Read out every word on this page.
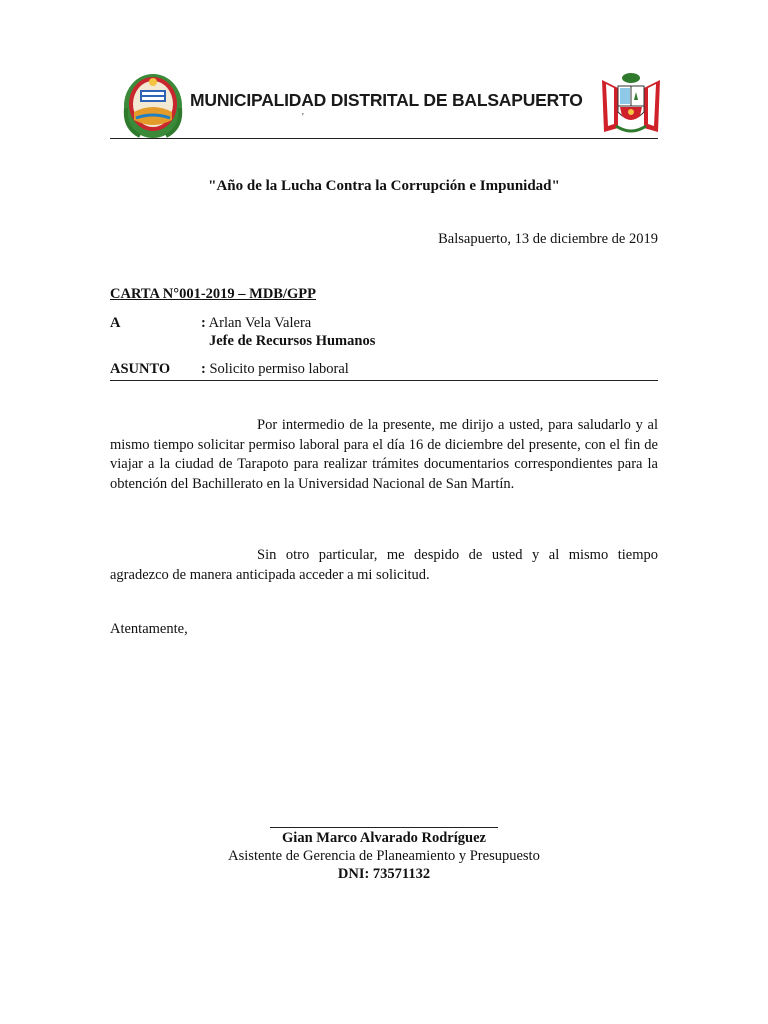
MUNICIPALIDAD DISTRITAL DE BALSAPUERTO
'
"Año de la Lucha Contra la Corrupción e Impunidad"
Balsapuerto, 13 de diciembre de 2019
CARTA N°001-2019 – MDB/GPP
A	: Arlan Vela Valera
Jefe de Recursos Humanos
ASUNTO : Solicito permiso laboral
Por intermedio de la presente, me dirijo a usted, para saludarlo y al mismo tiempo solicitar permiso laboral para el día 16 de diciembre del presente, con el fin de viajar a la ciudad de Tarapoto para realizar trámites documentarios correspondientes para la obtención del Bachillerato en la Universidad Nacional de San Martín.
Sin otro particular, me despido de usted y al mismo tiempo agradezco de manera anticipada acceder a mi solicitud.
Atentamente,
Gian Marco Alvarado Rodríguez
Asistente de Gerencia de Planeamiento y Presupuesto
DNI: 73571132
